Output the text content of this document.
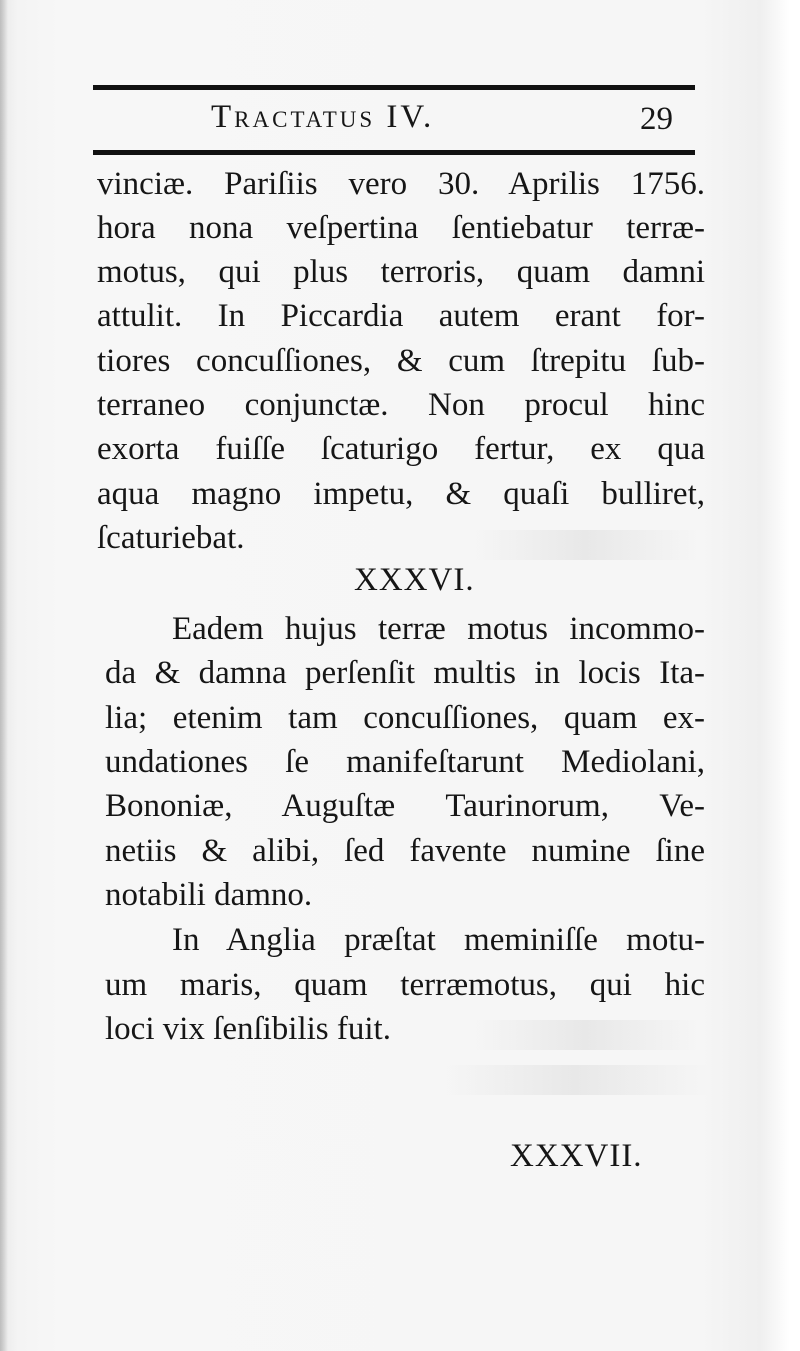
Tractatus IV.	29
vinciæ. Pariſiis vero 30. Aprilis 1756.
hora nona veſpertina ſentiebatur terræ-
motus, qui plus terroris, quam damni
attulit. In Piccardia autem erant for-
tiores concuſſiones, & cum ſtrepitu ſub-
terraneo conjunctæ. Non procul hinc
exorta fuiſſe ſcaturigo fertur, ex qua
aqua magno impetu, & quaſi bulliret,
ſcaturiebat.
XXXVI.
Eadem hujus terræ motus incommo-
da & damna perſenſit multis in locis Ita-
lia; etenim tam concuſſiones, quam ex-
undationes ſe manifeſtarunt Mediolani,
Bononiæ, Auguſtæ Taurinorum, Ve-
netiis & alibi, ſed favente numine ſine
notabili damno.
In Anglia præſtat meminiſſe motu-
um maris, quam terræmotus, qui hic
loci vix ſenſibilis fuit.
XXXVII.
